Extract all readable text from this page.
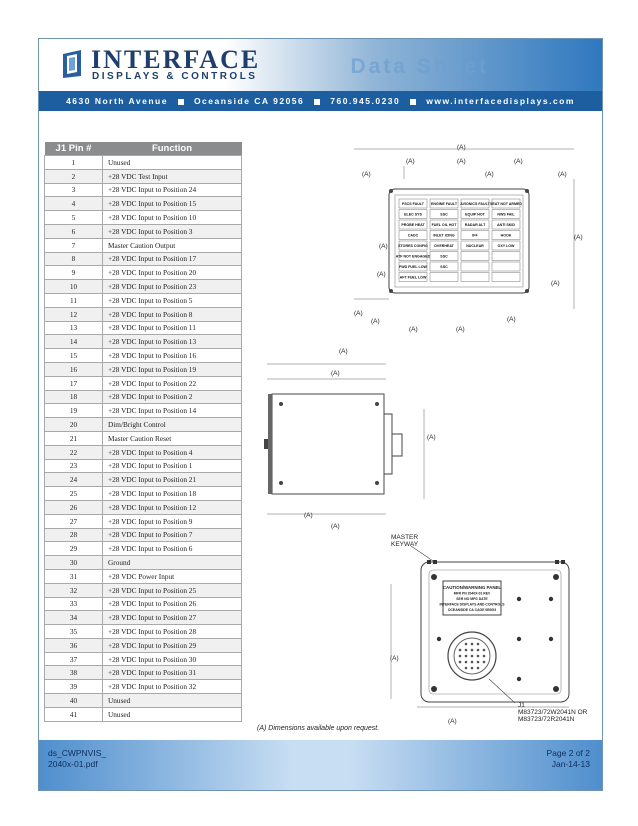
INTERFACE
DISPLAYS & CONTROLS	Data Sheet
4630 North Avenue	Oceanside CA 92056	760.945.0230	www.interfacedisplays.com
J1 Pin #	Function
1	Unused
2	+28 VDC Test Input
3	+28 VDC Input to Position 24
4	+28 VDC Input to Position 15
5	+28 VDC Input to Position 10
6	+28 VDC Input to Position 3
7	Master Caution Output
8	+28 VDC Input to Position 17
9	+28 VDC Input to Position 20
10	+28 VDC Input to Position 23
11	+28 VDC Input to Position 5
12	+28 VDC Input to Position 8
13	+28 VDC Input to Position 11
14	+28 VDC Input to Position 13
15	+28 VDC Input to Position 16
16	+28 VDC Input to Position 19
17	+28 VDC Input to Position 22
18	+28 VDC Input to Position 2
19	+28 VDC Input to Position 14
20	Dim/Bright Control
21	Master Caution Reset
22	+28 VDC Input to Position 4
23	+28 VDC Input to Position 1
24	+28 VDC Input to Position 21
25	+28 VDC Input to Position 18
26	+28 VDC Input to Position 12
27	+28 VDC Input to Position 9
28	+28 VDC Input to Position 7
29	+28 VDC Input to Position 6
30	Ground
31	+28 VDC Power Input
32	+28 VDC Input to Position 25
33	+28 VDC Input to Position 26
34	+28 VDC Input to Position 27
35	+28 VDC Input to Position 28
36	+28 VDC Input to Position 29
37	+28 VDC Input to Position 30
38	+28 VDC Input to Position 31
39	+28 VDC Input to Position 32
40	Unused
41	Unused
(A)
(A)	(A)	(A)
(A)	(A)	(A)
(A)
(A)
(A)
(A)
(A)
(A)
(A)	(A)
(A)
(A)
(A)
(A)
(A)
(A)
(A)
(A)
FSCS FAULT ENGINE FAULT AVIONICS FAULT SEAT NOT ARMED
ELEC SYS	SSC	EQUIP HOT	NWS FAIL
PROBE HEAT FUEL OIL HOT RADAR ALT	ANTI SKID
CADC	INLET ICING	IFF	HOOK
STORES CONFIG OVERHEAT	NUCLEAR	OXY LOW
ATF NOT ENGAGED	SSC
FWD FUEL LOW	SSC
AFT FUEL LOW
MASTER
KEYWAY
CAUTION/WARNING PANEL
MFR PN 2040X-01 REV
SER NO MFG DATE
INTERFACE DISPLAYS AND CONTROLS
OCEANSIDE CA CAGE 0B5G3
J1
M83723/72W2041N OR
M83723/72R2041N
(A) Dimensions available upon request.
ds_CWPNVIS_
2040x-01.pdf
Page 2 of 2
Jan-14-13
